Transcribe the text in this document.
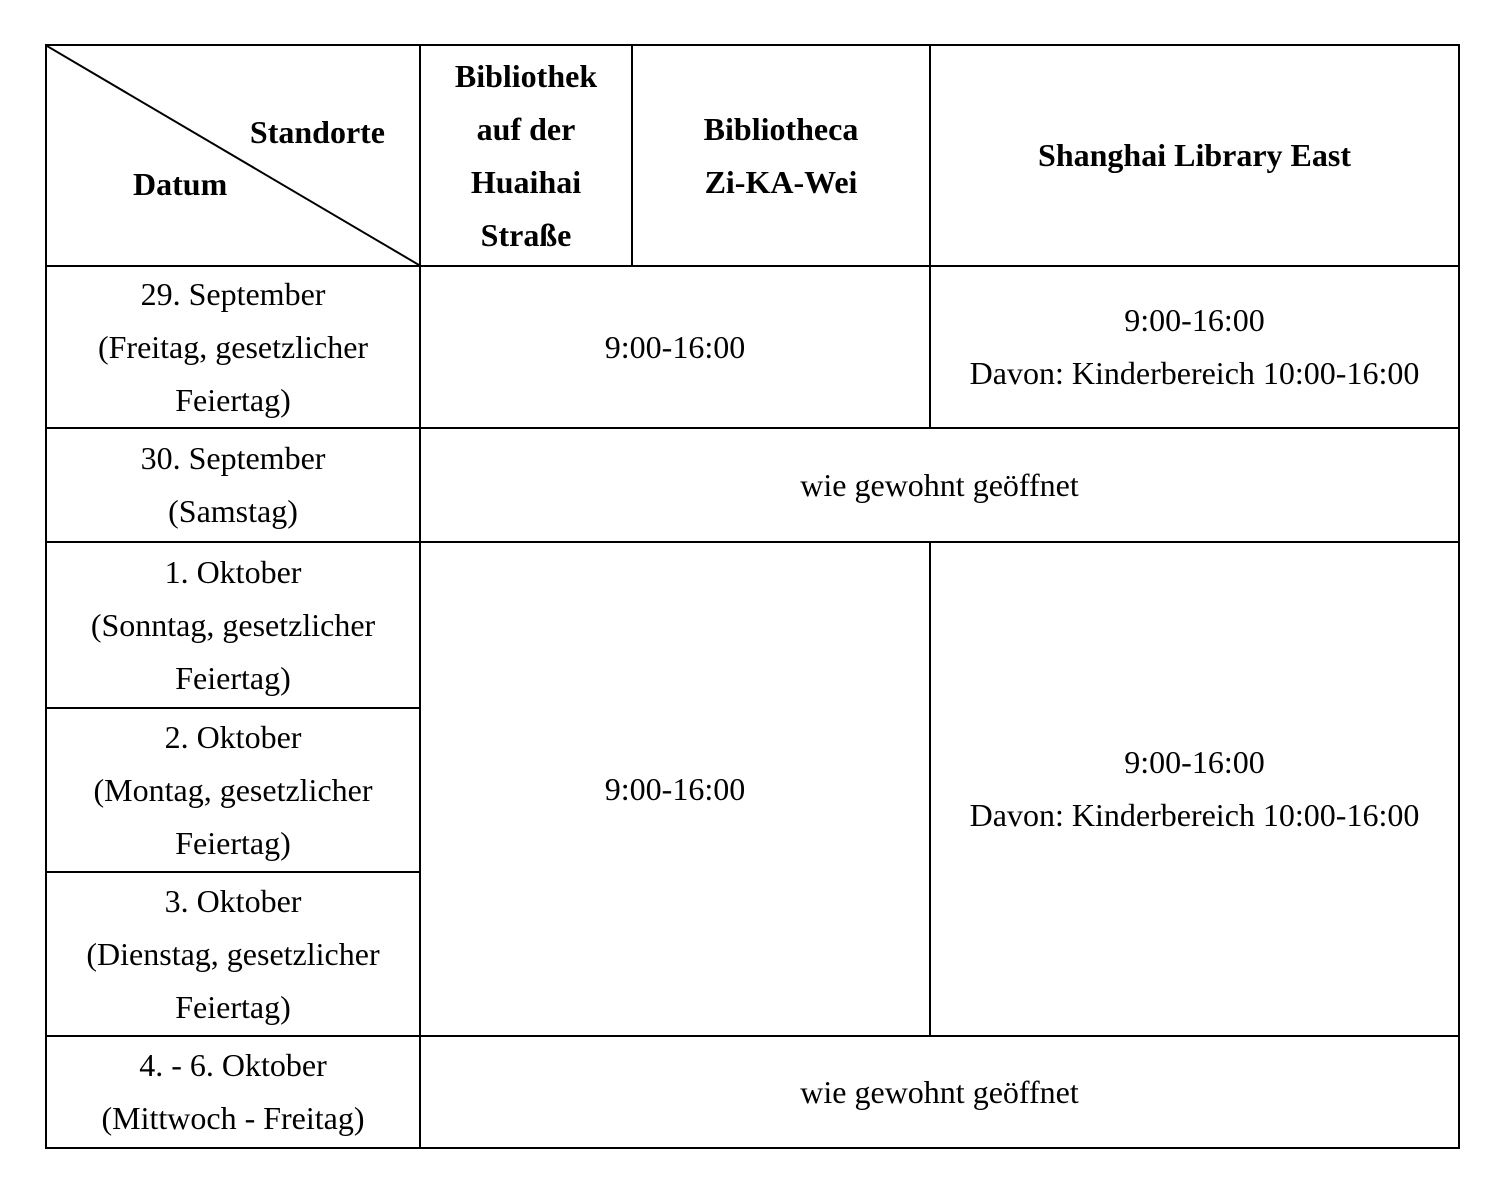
Standorte
Datum	Bibliothek
auf der
Huaihai
Straße	Bibliotheca
Zi-KA-Wei	Shanghai Library East

29. September
(Freitag, gesetzlicher
Feiertag)	9:00-16:00		9:00-16:00
Davon: Kinderbereich 10:00-16:00

30. September
(Samstag)	wie gewohnt geöffnet		

1. Oktober
(Sonntag, gesetzlicher
Feiertag)	9:00-16:00		9:00-16:00
Davon: Kinderbereich 10:00-16:00

2. Oktober
(Montag, gesetzlicher
Feiertag)			

3. Oktober
(Dienstag, gesetzlicher
Feiertag)			

4. - 6. Oktober
(Mittwoch - Freitag)	wie gewohnt geöffnet		
